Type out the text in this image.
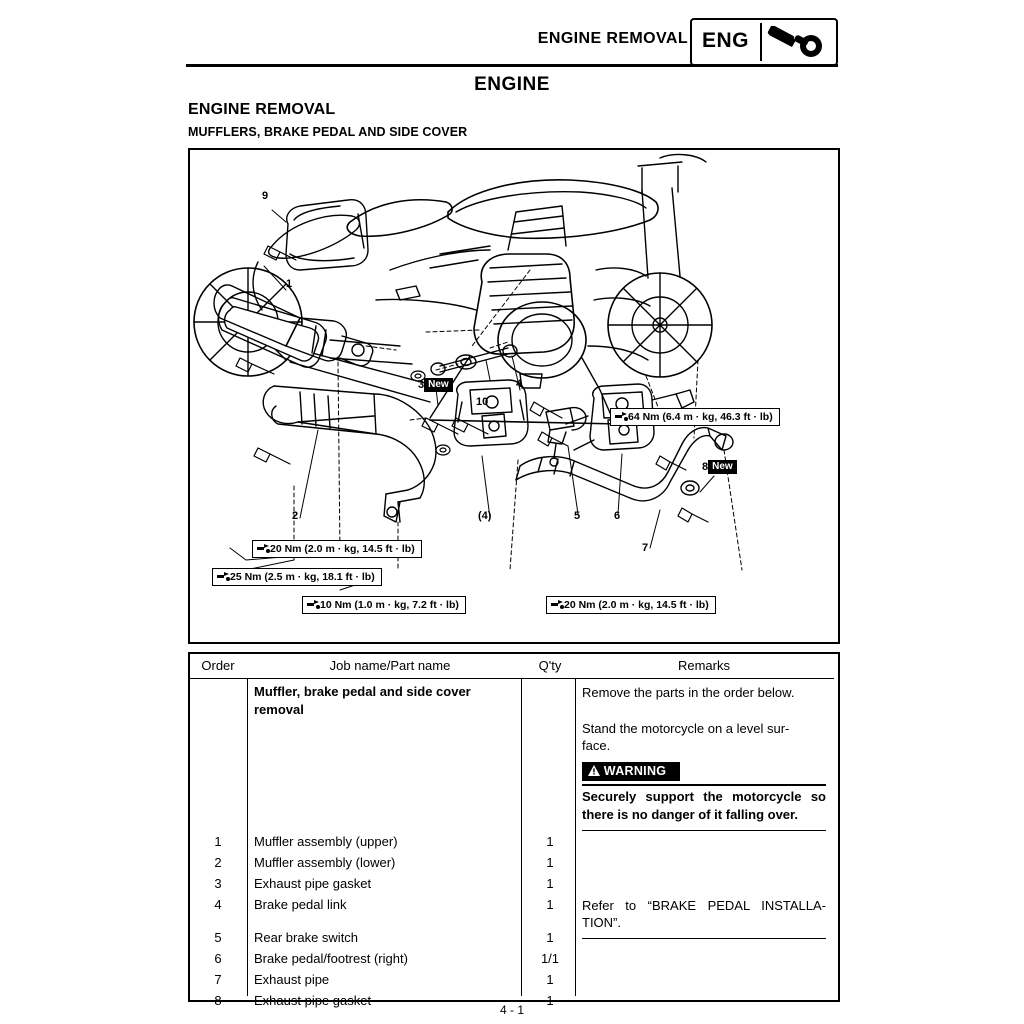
ENGINE REMOVAL ENG
ENGINE
ENGINE REMOVAL
MUFFLERS, BRAKE PEDAL AND SIDE COVER
9
1
3 New	4
10
2	(4)	5	6
8 New
7
64 Nm (6.4 m · kg, 46.3 ft · lb)
20 Nm (2.0 m · kg, 14.5 ft · lb)
25 Nm (2.5 m · kg, 18.1 ft · lb)
10 Nm (1.0 m · kg, 7.2 ft · lb)	20 Nm (2.0 m · kg, 14.5 ft · lb)
Order	Job name/Part name	Q'ty	Remarks
Muffler, brake pedal and side cover
removal
Remove the parts in the order below.
Stand the motorcycle on a level sur-
face.
WARNING
Securely support the motorcycle so
there is no danger of it falling over.
1	Muffler assembly (upper)	1
2	Muffler assembly (lower)	1
3	Exhaust pipe gasket	1
4	Brake pedal link	1	Refer to “BRAKE PEDAL INSTALLA-
TION”.
5	Rear brake switch	1
6	Brake pedal/footrest (right)	1/1
7	Exhaust pipe	1
8	Exhaust pipe gasket	1
4 - 1
